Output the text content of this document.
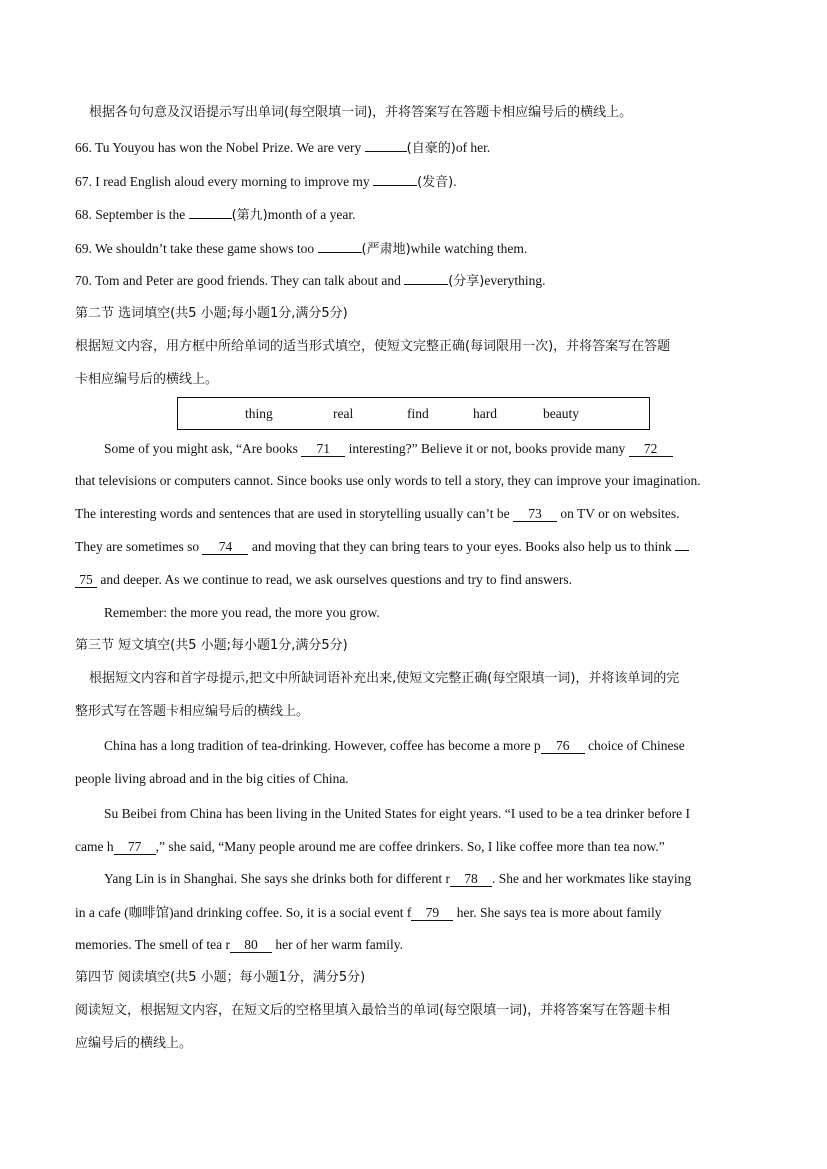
根据各句句意及汉语提示写出单词(每空限填一词)，并将答案写在答题卡相应编号后的横线上。
66. Tu Youyou has won the Nobel Prize. We are very	(自豪的)of her.
67. I read English aloud every morning to improve my	(发音).
68. September is the	(第九)month of a year.
69. We shouldn’t take these game shows too	(严肃地)while watching them.
70. Tom and Peter are good friends. They can talk about and	(分享)everything.
第二节 选词填空(共5 小题;每小题1分,满分5分)
根据短文内容，用方框中所给单词的适当形式填空，使短文完整正确(每词限用一次)，并将答案写在答题
卡相应编号后的横线上。
thing	real	find	hard	beauty
Some of you might ask, “Are books 71 interesting?” Believe it or not, books provide many 72
that televisions or computers cannot. Since books use only words to tell a story, they can improve your imagination.
The interesting words and sentences that are used in storytelling usually can’t be 73 on TV or on websites.
They are sometimes so 74 and moving that they can bring tears to your eyes. Books also help us to think
75 and deeper. As we continue to read, we ask ourselves questions and try to find answers.
Remember: the more you read, the more you grow.
第三节 短文填空(共5 小题;每小题1分,满分5分)
根据短文内容和首字母提示,把文中所缺词语补充出来,使短文完整正确(每空限填一词)，并将该单词的完
整形式写在答题卡相应编号后的横线上。
China has a long tradition of tea-drinking. However, coffee has become a more p 76 choice of Chinese
people living abroad and in the big cities of China.
Su Beibei from China has been living in the United States for eight years. “I used to be a tea drinker before I
came h 77 ,” she said, “Many people around me are coffee drinkers. So, I like coffee more than tea now.”
Yang Lin is in Shanghai. She says she drinks both for different r 78 . She and her workmates like staying
in a cafe (咖啡馆)and drinking coffee. So, it is a social event f 79 her. She says tea is more about family
memories. The smell of tea r 80 her of her warm family.
第四节 阅读填空(共5 小题；每小题1分，满分5分)
阅读短文，根据短文内容，在短文后的空格里填入最恰当的单词(每空限填一词)，并将答案写在答题卡相
应编号后的横线上。
